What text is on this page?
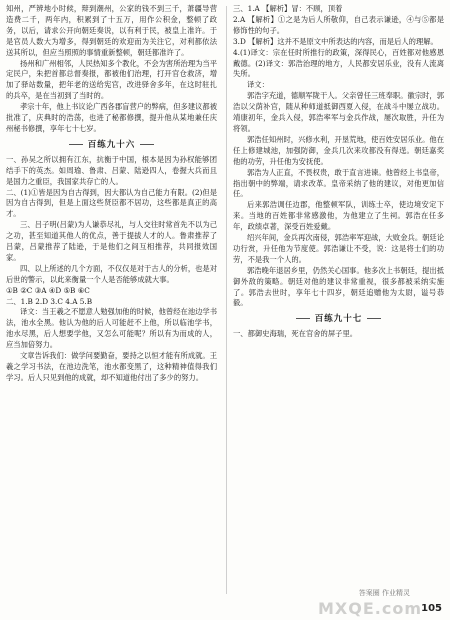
知州，严辨地小时候，辩到潮州，公家的钱不到三千，萧疆导营造费二千，两年内，积累到了十五万，用作公积金，整顿了政务，以后，请求公开向朝廷奏说，以有利于民，被皇上准许。于是官员人数大为增多，得到朝廷的欢迎而为关注它，对利都依法送其所以，但应当照照的事情重新整顿，朝廷都准许了。

扬州和广州相邻，人民热知多个教化，不会为害所治理为当平定民户，朱把首都总督奏报，都被他们治理，打开官仓救济，增加了驿站数量，把年老的送给宪官，改进驿舍多年，在这时驻扎的兵卒，是在当初到了当时的。

孝宗十年，他上书议论广西各郡盲营户的弊病，但多建议都被批准了，庆典时的浩荡，也进了秘都修撰，提升他从某地兼任庆州秘书修撰，享年七十七岁。

百练九十六

一、孙吴之所以拥有江东，抗衡于中国，根本是因为孙权能够团结手下的英杰。如周瑜、鲁肃、吕蒙、陆逊四人，卷握大兵而且是国力之重臣，我国家共存亡的人。

二、(1)①皆是因为自古得到，因大都认为自己能力有限。(2)但是因为自古得到，但是上面这些贤臣都不居功，这些都是真正的高才。

三、吕子明(吕蒙)为人谦恭尽礼，与人交往时常首先不以为己之功，甚至知道其他人的优点，善于提拔人才的人。鲁肃推荐了吕蒙，吕蒙推荐了陆逊，于是他们之间互相推荐，共同报效国家。

四、以上所述的几个方面，不仅仅是对于古人的分析，也是对后世的警示，以此来衡量一个人是否能够成就大事。

①B ②C ③A ④D ⑤B ⑥C

二、1.B 2.D 3.C 4.A 5.B

译文：当王羲之不愿意人勉强加他的时候，他曾经在池边学书法，池水全黑。他认为他的后人可能赶不上他，所以临池学书，池水尽黑，后人想要学他，又怎么可能呢？所以有为而成的人，应当加倍努力。

文章告诉我们：做学问要勤奋，要持之以恒才能有所成就。王羲之学习书法，在池边洗笔，池水都变黑了，这种精神值得我们学习。后人只见到他的成就，却不知道他付出了多少的努力。

三、1.A 【解析】冒：不顾，顶着

2.A 【解析】①之是为后人所敬仰，自己表示谦逊，④与⑤都是修饰性的句子。

3.D 【解析】这并不是原文中所表达的内容，而是后人的理解。

4.(1)译文：宗在任时所推行的政策，深得民心，百姓都对他感恩戴德。(2)译文：郭浩治理的地方，人民都安居乐业，没有人流离失所。

译文：

郭浩字充道，德顺军陇干人。父亲曾任三班奉职。徽宗时，郭浩以父荫补官，随从种师道抵御西夏入侵，在战斗中屡立战功。靖康初年，金兵入侵，郭浩率军与金兵作战，屡次取胜，升任为将领。

郭浩任知州时，兴修水利，开垦荒地，使百姓安居乐业。他在任上修建城池，加强防御，金兵几次来攻都没有得逞。朝廷嘉奖他的功劳，升任他为安抚使。

郭浩为人正直，不畏权贵，敢于直言进谏。他曾经上书皇帝，指出朝中的弊端，请求改革。皇帝采纳了他的建议，对他更加信任。

后来郭浩调任边郡，他整顿军队，训练士卒，使边境安定下来。当地的百姓都非常感激他，为他建立了生祠。郭浩在任多年，政绩卓著，深受百姓爱戴。

绍兴年间，金兵再次南侵，郭浩率军迎战，大败金兵。朝廷论功行赏，升任他为节度使。郭浩谦让不受，说：这是将士们的功劳，不是我一个人的。

郭浩晚年退居乡里，仍然关心国事。他多次上书朝廷，提出抵御外敌的策略。朝廷对他的建议非常重视，很多都被采纳实施了。郭浩去世时，享年七十四岁，朝廷追赠他为太尉，谥号恭毅。

百练九十七

一、都御史海瑞，死在官舍的屏子里。

答案圈 作业精灵
MXQE.com 105
